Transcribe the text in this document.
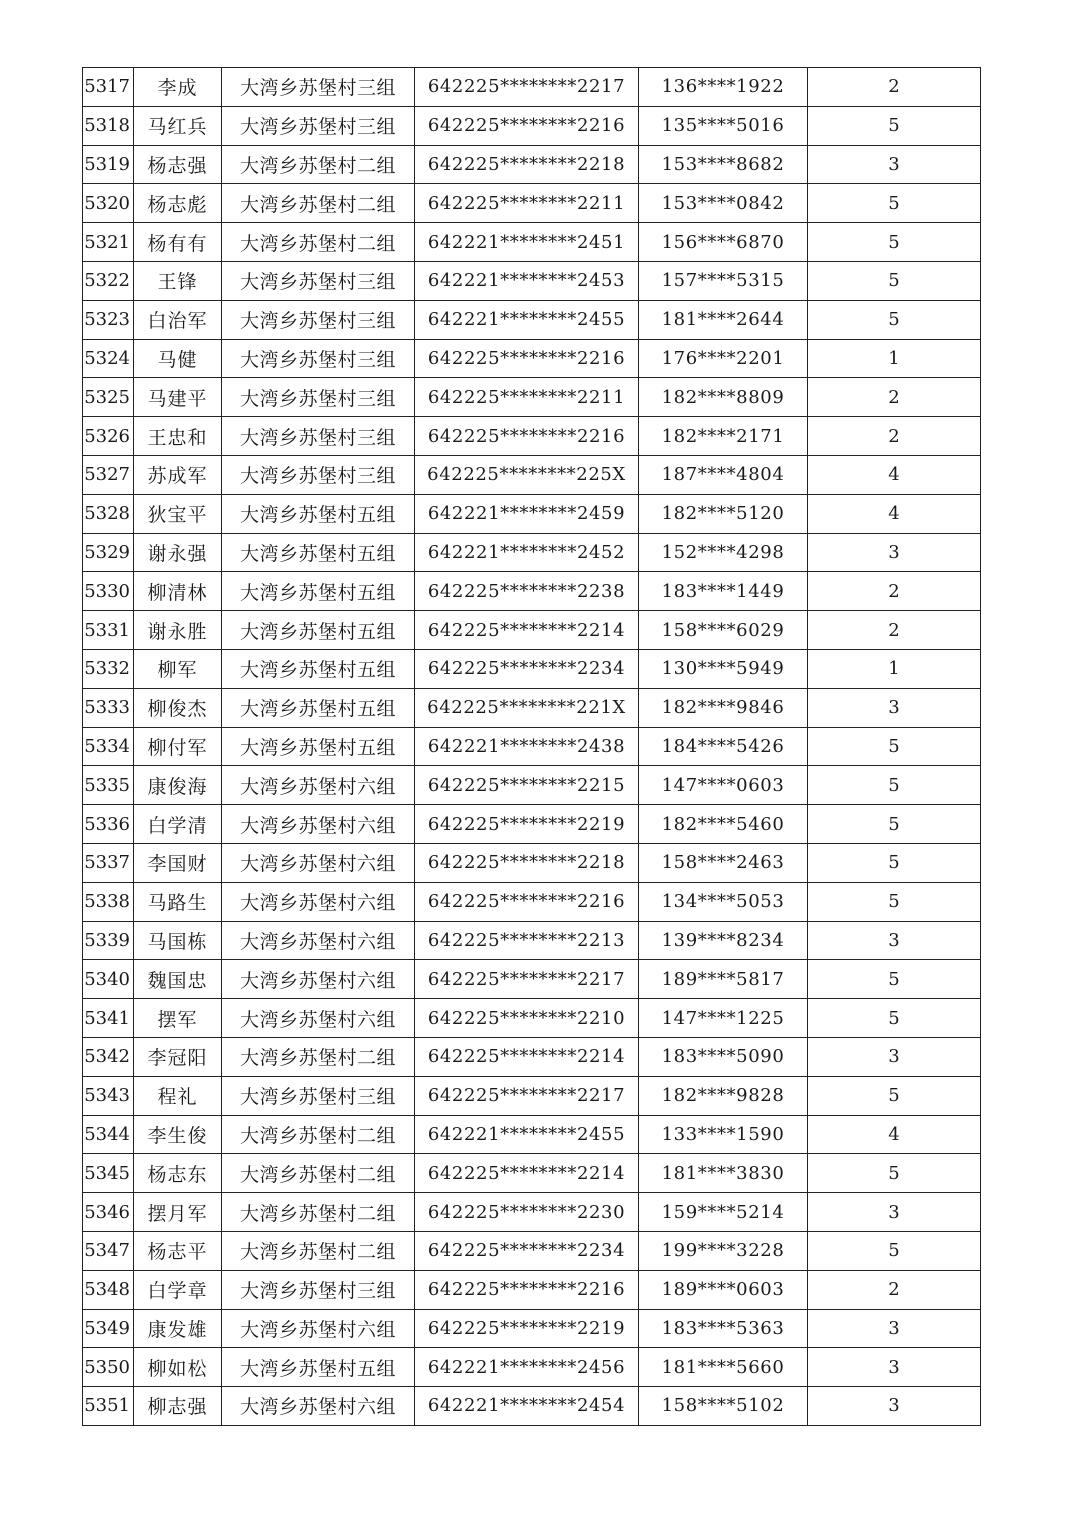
5317	李成	大湾乡苏堡村三组	642225********2217	136****1922	2
5318	马红兵	大湾乡苏堡村三组	642225********2216	135****5016	5
5319	杨志强	大湾乡苏堡村二组	642225********2218	153****8682	3
5320	杨志彪	大湾乡苏堡村二组	642225********2211	153****0842	5
5321	杨有有	大湾乡苏堡村二组	642221********2451	156****6870	5
5322	王锋	大湾乡苏堡村三组	642221********2453	157****5315	5
5323	白治军	大湾乡苏堡村三组	642221********2455	181****2644	5
5324	马健	大湾乡苏堡村三组	642225********2216	176****2201	1
5325	马建平	大湾乡苏堡村三组	642225********2211	182****8809	2
5326	王忠和	大湾乡苏堡村三组	642225********2216	182****2171	2
5327	苏成军	大湾乡苏堡村三组	642225********225X	187****4804	4
5328	狄宝平	大湾乡苏堡村五组	642221********2459	182****5120	4
5329	谢永强	大湾乡苏堡村五组	642221********2452	152****4298	3
5330	柳清林	大湾乡苏堡村五组	642225********2238	183****1449	2
5331	谢永胜	大湾乡苏堡村五组	642225********2214	158****6029	2
5332	柳军	大湾乡苏堡村五组	642225********2234	130****5949	1
5333	柳俊杰	大湾乡苏堡村五组	642225********221X	182****9846	3
5334	柳付军	大湾乡苏堡村五组	642221********2438	184****5426	5
5335	康俊海	大湾乡苏堡村六组	642225********2215	147****0603	5
5336	白学清	大湾乡苏堡村六组	642225********2219	182****5460	5
5337	李国财	大湾乡苏堡村六组	642225********2218	158****2463	5
5338	马路生	大湾乡苏堡村六组	642225********2216	134****5053	5
5339	马国栋	大湾乡苏堡村六组	642225********2213	139****8234	3
5340	魏国忠	大湾乡苏堡村六组	642225********2217	189****5817	5
5341	摆军	大湾乡苏堡村六组	642225********2210	147****1225	5
5342	李冠阳	大湾乡苏堡村二组	642225********2214	183****5090	3
5343	程礼	大湾乡苏堡村三组	642225********2217	182****9828	5
5344	李生俊	大湾乡苏堡村二组	642221********2455	133****1590	4
5345	杨志东	大湾乡苏堡村二组	642225********2214	181****3830	5
5346	摆月军	大湾乡苏堡村二组	642225********2230	159****5214	3
5347	杨志平	大湾乡苏堡村二组	642225********2234	199****3228	5
5348	白学章	大湾乡苏堡村三组	642225********2216	189****0603	2
5349	康发雄	大湾乡苏堡村六组	642225********2219	183****5363	3
5350	柳如松	大湾乡苏堡村五组	642221********2456	181****5660	3
5351	柳志强	大湾乡苏堡村六组	642221********2454	158****5102	3
